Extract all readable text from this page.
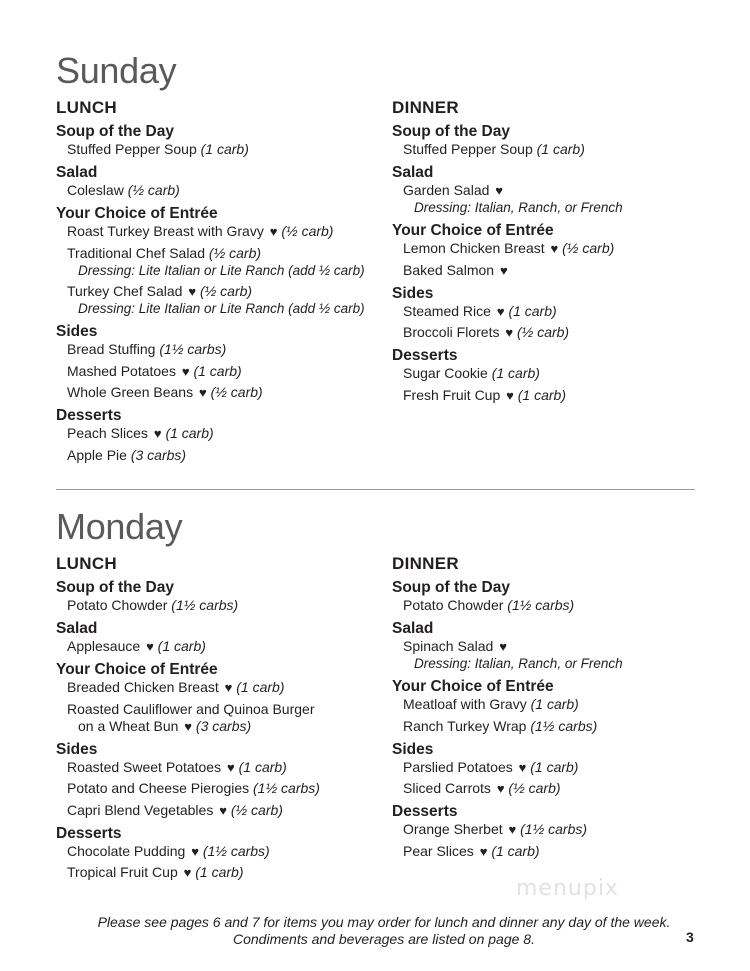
Sunday
LUNCH
Soup of the Day
Stuffed Pepper Soup (1 carb)
Salad
Coleslaw (½ carb)
Your Choice of Entrée
Roast Turkey Breast with Gravy ♥ (½ carb)
Traditional Chef Salad (½ carb)
Dressing: Lite Italian or Lite Ranch (add ½ carb)
Turkey Chef Salad ♥ (½ carb)
Dressing: Lite Italian or Lite Ranch (add ½ carb)
Sides
Bread Stuffing (1½ carbs)
Mashed Potatoes ♥ (1 carb)
Whole Green Beans ♥ (½ carb)
Desserts
Peach Slices ♥ (1 carb)
Apple Pie (3 carbs)
DINNER
Soup of the Day
Stuffed Pepper Soup (1 carb)
Salad
Garden Salad ♥
Dressing: Italian, Ranch, or French
Your Choice of Entrée
Lemon Chicken Breast ♥ (½ carb)
Baked Salmon ♥
Sides
Steamed Rice ♥ (1 carb)
Broccoli Florets ♥ (½ carb)
Desserts
Sugar Cookie (1 carb)
Fresh Fruit Cup ♥ (1 carb)
Monday
LUNCH
Soup of the Day
Potato Chowder (1½ carbs)
Salad
Applesauce ♥ (1 carb)
Your Choice of Entrée
Breaded Chicken Breast ♥ (1 carb)
Roasted Cauliflower and Quinoa Burger
on a Wheat Bun ♥ (3 carbs)
Sides
Roasted Sweet Potatoes ♥ (1 carb)
Potato and Cheese Pierogies (1½ carbs)
Capri Blend Vegetables ♥ (½ carb)
Desserts
Chocolate Pudding ♥ (1½ carbs)
Tropical Fruit Cup ♥ (1 carb)
DINNER
Soup of the Day
Potato Chowder (1½ carbs)
Salad
Spinach Salad ♥
Dressing: Italian, Ranch, or French
Your Choice of Entrée
Meatloaf with Gravy (1 carb)
Ranch Turkey Wrap (1½ carbs)
Sides
Parslied Potatoes ♥ (1 carb)
Sliced Carrots ♥ (½ carb)
Desserts
Orange Sherbet ♥ (1½ carbs)
Pear Slices ♥ (1 carb)
menupix
Please see pages 6 and 7 for items you may order for lunch and dinner any day of the week.
Condiments and beverages are listed on page 8.	3
